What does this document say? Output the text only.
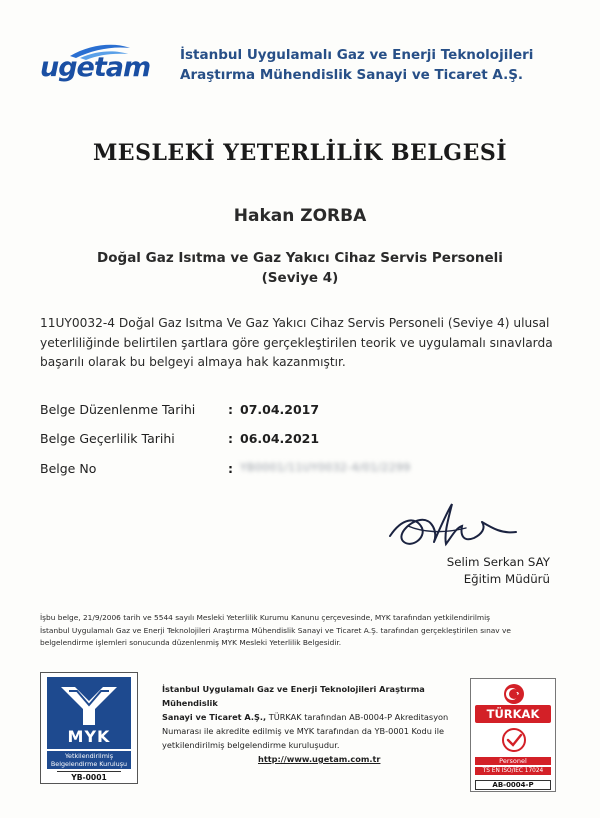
ugetam İstanbul Uygulamalı Gaz ve Enerji Teknolojileri
Araştırma Mühendislik Sanayi ve Ticaret A.Ş.
MESLEKİ YETERLİLİK BELGESİ
Hakan ZORBA
Doğal Gaz Isıtma ve Gaz Yakıcı Cihaz Servis Personeli
(Seviye 4)
11UY0032-4 Doğal Gaz Isıtma Ve Gaz Yakıcı Cihaz Servis Personeli (Seviye 4) ulusal
yeterliliğinde belirtilen şartlara göre gerçekleştirilen teorik ve uygulamalı sınavlarda
başarılı olarak bu belgeyi almaya hak kazanmıştır.
Belge Düzenlenme Tarihi	: 07.04.2017
Belge Geçerlilik Tarihi	: 06.04.2021
Belge No	: YB0001/11UY0032-4/01/2299
Selim Serkan SAY
Eğitim Müdürü
İşbu belge, 21/9/2006 tarih ve 5544 sayılı Mesleki Yeterlilik Kurumu Kanunu çerçevesinde, MYK tarafından yetkilendirilmiş
İstanbul Uygulamalı Gaz ve Enerji Teknolojileri Araştırma Mühendislik Sanayi ve Ticaret A.Ş. tarafından gerçekleştirilen sınav ve
belgelendirme işlemleri sonucunda düzenlenmiş MYK Mesleki Yeterlilik Belgesidir.
MYK
Yetkilendirilmiş
Belgelendirme Kuruluşu
YB-0001
İstanbul Uygulamalı Gaz ve Enerji Teknolojileri Araştırma Mühendislik
Sanayi ve Ticaret A.Ş., TÜRKAK tarafından AB-0004-P Akreditasyon
Numarası ile akredite edilmiş ve MYK tarafından da YB-0001 Kodu ile
yetkilendirilmiş belgelendirme kuruluşudur.
http://www.ugetam.com.tr
TÜRKAK
Personel
TS EN ISO/IEC 17024
AB-0004-P
